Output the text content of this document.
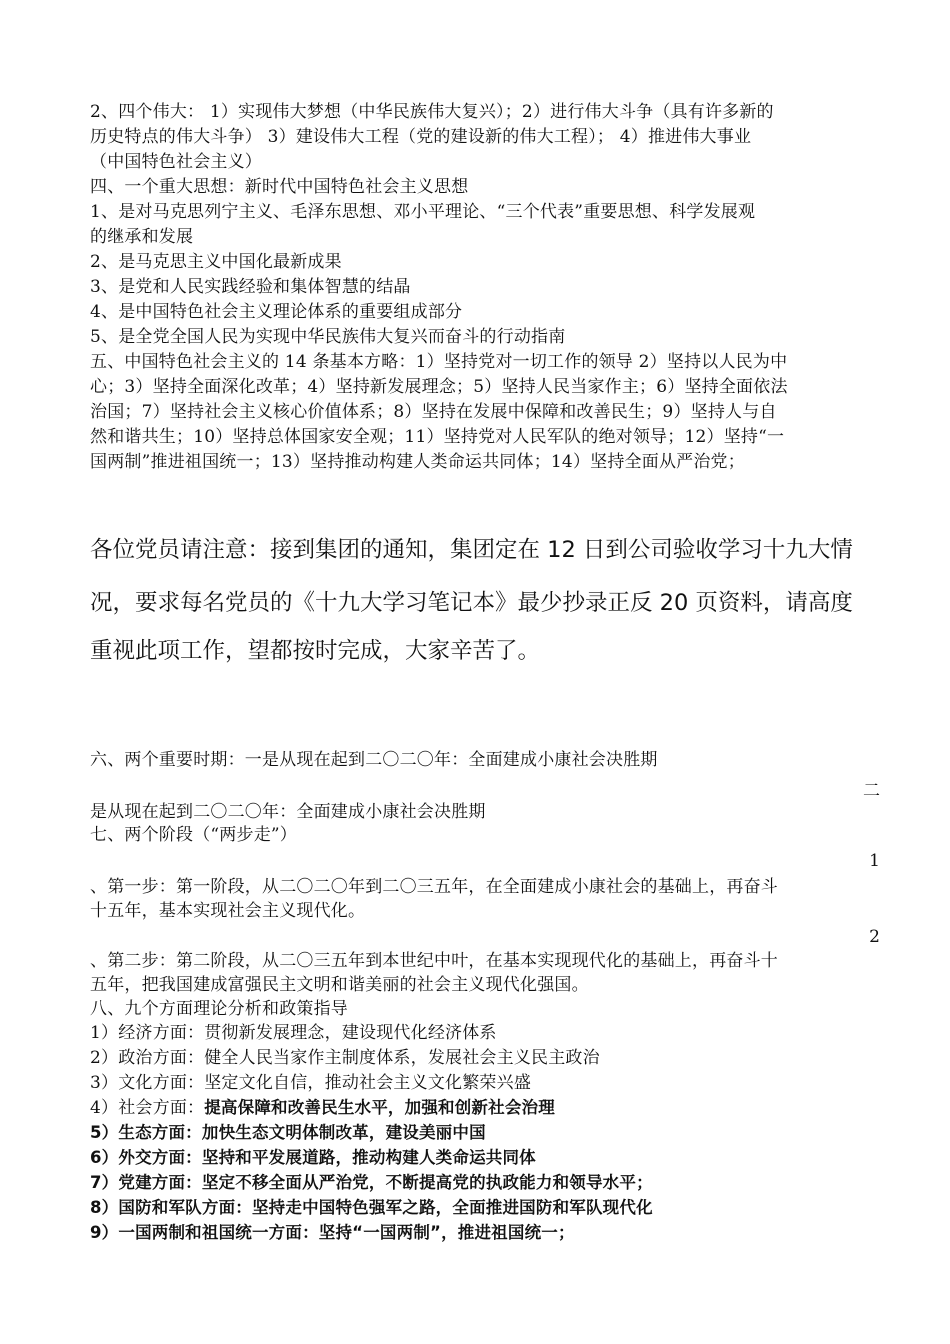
2、四个伟大： 1）实现伟大梦想（中华民族伟大复兴）；2）进行伟大斗争（具有许多新的
历史特点的伟大斗争） 3）建设伟大工程（党的建设新的伟大工程）； 4）推进伟大事业
（中国特色社会主义）
四、一个重大思想：新时代中国特色社会主义思想
1、是对马克思列宁主义、毛泽东思想、邓小平理论、“三个代表”重要思想、科学发展观
的继承和发展
2、是马克思主义中国化最新成果
3、是党和人民实践经验和集体智慧的结晶
4、是中国特色社会主义理论体系的重要组成部分
5、是全党全国人民为实现中华民族伟大复兴而奋斗的行动指南
五、中国特色社会主义的 14 条基本方略：1）坚持党对一切工作的领导 2）坚持以人民为中
心；3）坚持全面深化改革；4）坚持新发展理念；5）坚持人民当家作主；6）坚持全面依法
治国；7）坚持社会主义核心价值体系；8）坚持在发展中保障和改善民生；9）坚持人与自
然和谐共生；10）坚持总体国家安全观；11）坚持党对人民军队的绝对领导；12）坚持“一
国两制”推进祖国统一；13）坚持推动构建人类命运共同体；14）坚持全面从严治党；
各位党员请注意：接到集团的通知，集团定在 12 日到公司验收学习十九大情
况，要求每名党员的《十九大学习笔记本》最少抄录正反 20 页资料，请高度
重视此项工作，望都按时完成，大家辛苦了。
六、两个重要时期：一是从现在起到二〇二〇年：全面建成小康社会决胜期
二
是从现在起到二〇二〇年：全面建成小康社会决胜期
七、两个阶段（“两步走”）
1
、第一步：第一阶段，从二〇二〇年到二〇三五年，在全面建成小康社会的基础上，再奋斗
十五年，基本实现社会主义现代化。
2
、第二步：第二阶段，从二〇三五年到本世纪中叶，在基本实现现代化的基础上，再奋斗十
五年，把我国建成富强民主文明和谐美丽的社会主义现代化强国。
八、九个方面理论分析和政策指导
1）经济方面：贯彻新发展理念，建设现代化经济体系
2）政治方面：健全人民当家作主制度体系，发展社会主义民主政治
3）文化方面：坚定文化自信，推动社会主义文化繁荣兴盛
4）社会方面：提高保障和改善民生水平，加强和创新社会治理
5）生态方面：加快生态文明体制改革，建设美丽中国
6）外交方面：坚持和平发展道路，推动构建人类命运共同体
7）党建方面：坚定不移全面从严治党，不断提高党的执政能力和领导水平；
8）国防和军队方面：坚持走中国特色强军之路，全面推进国防和军队现代化
9）一国两制和祖国统一方面：坚持“一国两制”，推进祖国统一；
